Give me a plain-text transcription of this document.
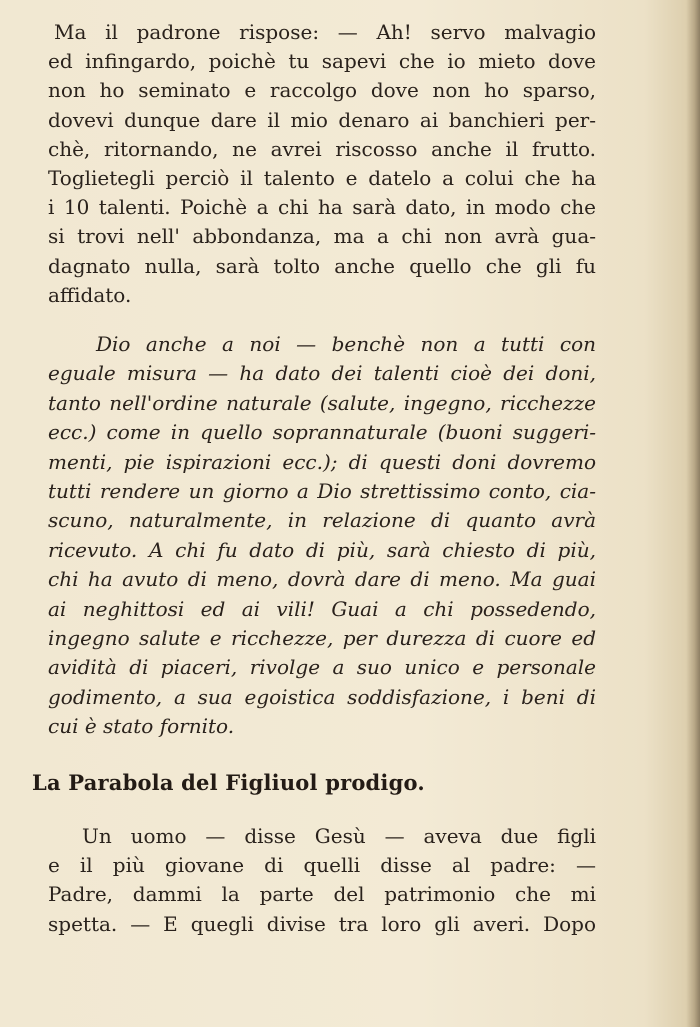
Ma il padrone rispose: — Ah! servo malvagio
ed infingardo, poichè tu sapevi che io mieto dove
non ho seminato e raccolgo dove non ho sparso,
dovevi dunque dare il mio denaro ai banchieri per-
chè, ritornando, ne avrei riscosso anche il frutto.
Toglietegli perciò il talento e datelo a colui che ha
i 10 talenti. Poichè a chi ha sarà dato, in modo che
si trovi nell' abbondanza, ma a chi non avrà gua-
dagnato nulla, sarà tolto anche quello che gli fu
affidato.
Dio anche a noi — benchè non a tutti con
eguale misura — ha dato dei talenti cioè dei doni,
tanto nell'ordine naturale (salute, ingegno, ricchezze
ecc.) come in quello soprannaturale (buoni suggeri-
menti, pie ispirazioni ecc.); di questi doni dovremo
tutti rendere un giorno a Dio strettissimo conto, cia-
scuno, naturalmente, in relazione di quanto avrà
ricevuto. A chi fu dato di più, sarà chiesto di più,
chi ha avuto di meno, dovrà dare di meno. Ma guai
ai neghittosi ed ai vili! Guai a chi possedendo,
ingegno salute e ricchezze, per durezza di cuore ed
avidità di piaceri, rivolge a suo unico e personale
godimento, a sua egoistica soddisfazione, i beni di
cui è stato fornito.
La Parabola del Figliuol prodigo.
Un uomo — disse Gesù — aveva due figli
e il più giovane di quelli disse al padre: —
Padre, dammi la parte del patrimonio che mi
spetta. — E quegli divise tra loro gli averi. Dopo
